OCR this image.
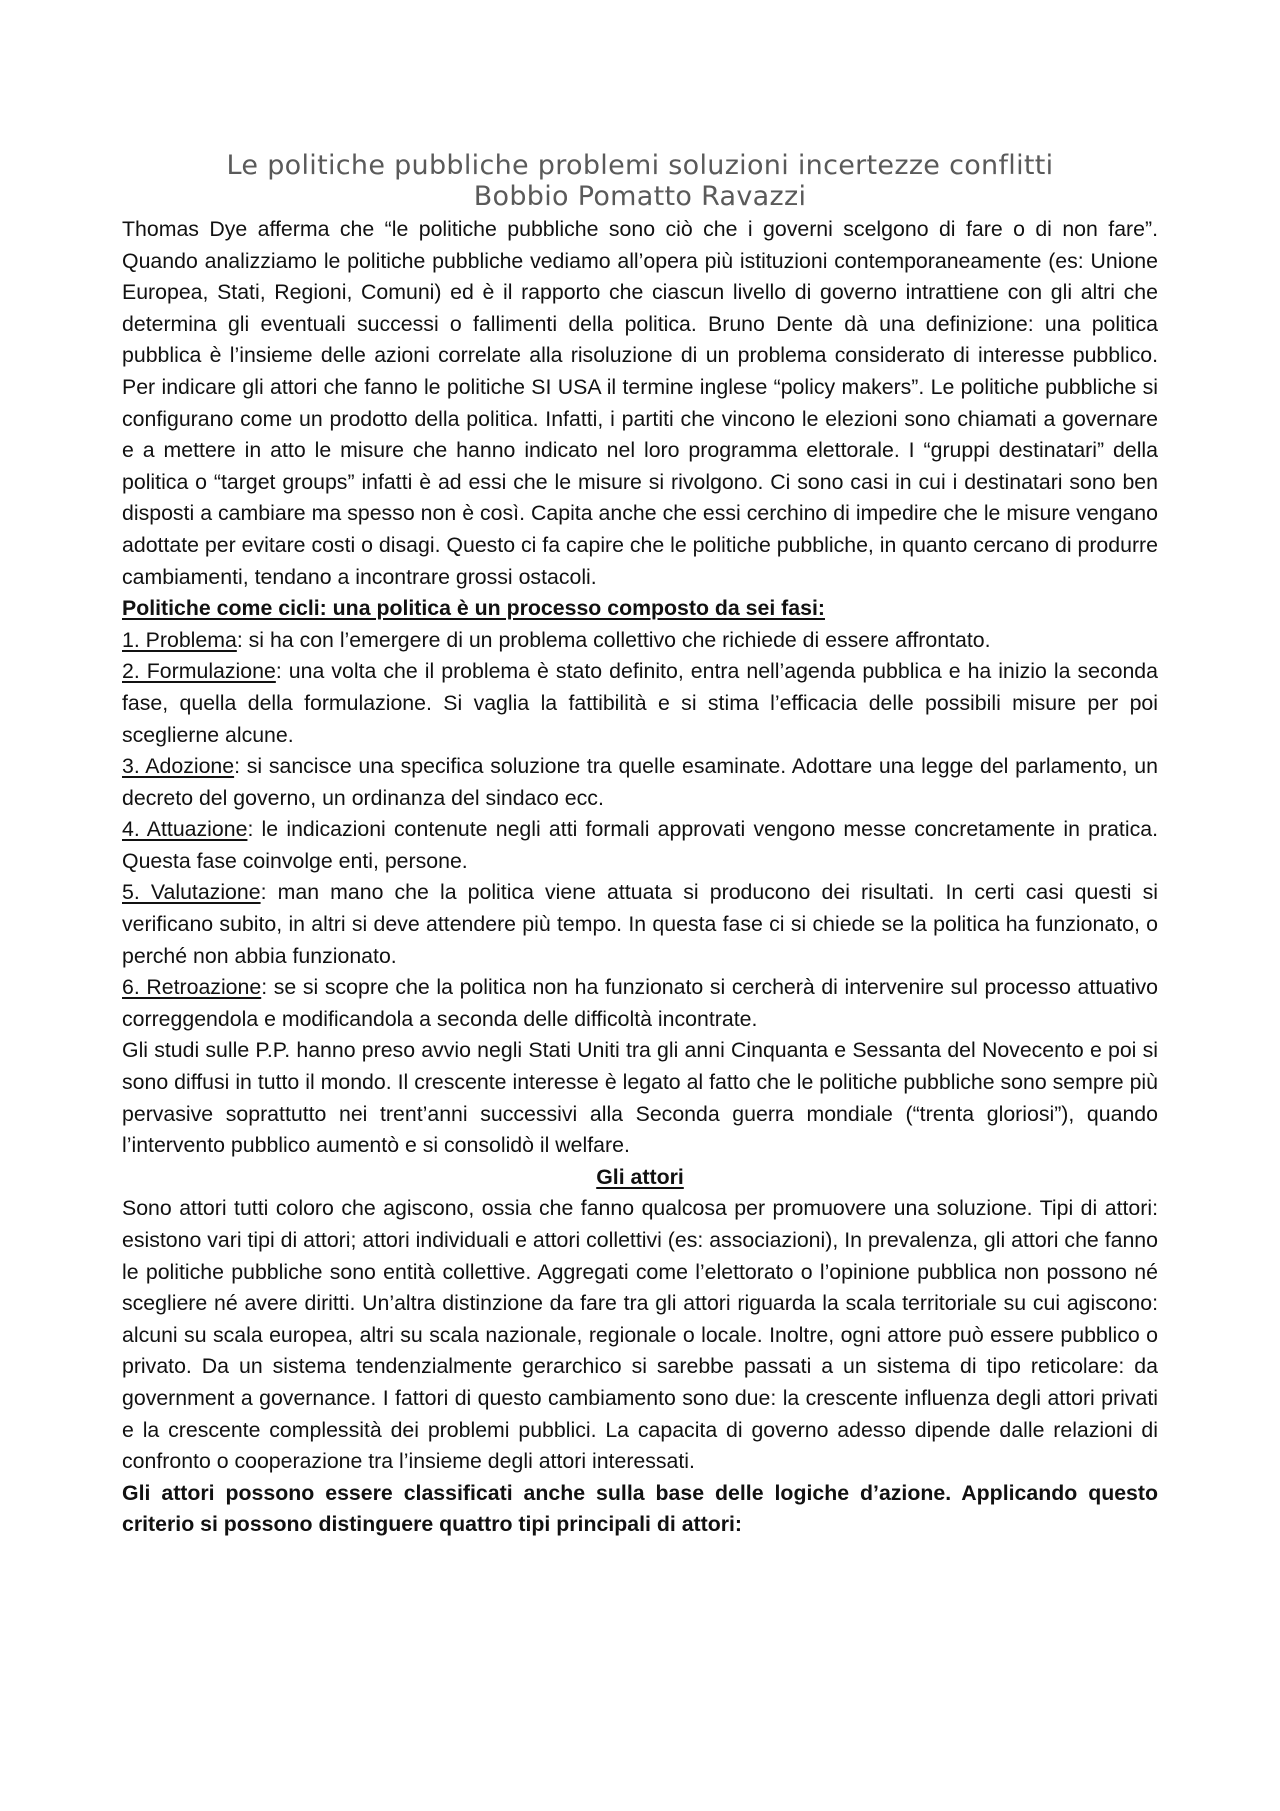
Le politiche pubbliche problemi soluzioni incertezze conflitti
Bobbio Pomatto Ravazzi

Thomas Dye afferma che “le politiche pubbliche sono ciò che i governi scelgono di fare o di non fare”. Quando analizziamo le politiche pubbliche vediamo all’opera più istituzioni contemporaneamente (es: Unione Europea, Stati, Regioni, Comuni) ed è il rapporto che ciascun livello di governo intrattiene con gli altri che determina gli eventuali successi o fallimenti della politica. Bruno Dente dà una definizione: una politica pubblica è l’insieme delle azioni correlate alla risoluzione di un problema considerato di interesse pubblico. Per indicare gli attori che fanno le politiche SI USA il termine inglese “policy makers”. Le politiche pubbliche si configurano come un prodotto della politica. Infatti, i partiti che vincono le elezioni sono chiamati a governare e a mettere in atto le misure che hanno indicato nel loro programma elettorale. I “gruppi destinatari” della politica o “target groups” infatti è ad essi che le misure si rivolgono. Ci sono casi in cui i destinatari sono ben disposti a cambiare ma spesso non è così. Capita anche che essi cerchino di impedire che le misure vengano adottate per evitare costi o disagi. Questo ci fa capire che le politiche pubbliche, in quanto cercano di produrre cambiamenti, tendano a incontrare grossi ostacoli.

Politiche come cicli: una politica è un processo composto da sei fasi:

1. Problema: si ha con l’emergere di un problema collettivo che richiede di essere affrontato.

2. Formulazione: una volta che il problema è stato definito, entra nell’agenda pubblica e ha inizio la seconda fase, quella della formulazione. Si vaglia la fattibilità e si stima l’efficacia delle possibili misure per poi sceglierne alcune.

3. Adozione: si sancisce una specifica soluzione tra quelle esaminate. Adottare una legge del parlamento, un decreto del governo, un ordinanza del sindaco ecc.

4. Attuazione: le indicazioni contenute negli atti formali approvati vengono messe concretamente in pratica. Questa fase coinvolge enti, persone.

5. Valutazione: man mano che la politica viene attuata si producono dei risultati. In certi casi questi si verificano subito, in altri si deve attendere più tempo. In questa fase ci si chiede se la politica ha funzionato, o perché non abbia funzionato.

6. Retroazione: se si scopre che la politica non ha funzionato si cercherà di intervenire sul processo attuativo correggendola e modificandola a seconda delle difficoltà incontrate.

Gli studi sulle P.P. hanno preso avvio negli Stati Uniti tra gli anni Cinquanta e Sessanta del Novecento e poi si sono diffusi in tutto il mondo. Il crescente interesse è legato al fatto che le politiche pubbliche sono sempre più pervasive soprattutto nei trent’anni successivi alla Seconda guerra mondiale (“trenta gloriosi”), quando l’intervento pubblico aumentò e si consolidò il welfare.

Gli attori

Sono attori tutti coloro che agiscono, ossia che fanno qualcosa per promuovere una soluzione. Tipi di attori: esistono vari tipi di attori; attori individuali e attori collettivi (es: associazioni), In prevalenza, gli attori che fanno le politiche pubbliche sono entità collettive. Aggregati come l’elettorato o l’opinione pubblica non possono né scegliere né avere diritti. Un’altra distinzione da fare tra gli attori riguarda la scala territoriale su cui agiscono: alcuni su scala europea, altri su scala nazionale, regionale o locale. Inoltre, ogni attore può essere pubblico o privato. Da un sistema tendenzialmente gerarchico si sarebbe passati a un sistema di tipo reticolare: da government a governance. I fattori di questo cambiamento sono due: la crescente influenza degli attori privati e la crescente complessità dei problemi pubblici. La capacita di governo adesso dipende dalle relazioni di confronto o cooperazione tra l’insieme degli attori interessati.

Gli attori possono essere classificati anche sulla base delle logiche d’azione. Applicando questo criterio si possono distinguere quattro tipi principali di attori:
